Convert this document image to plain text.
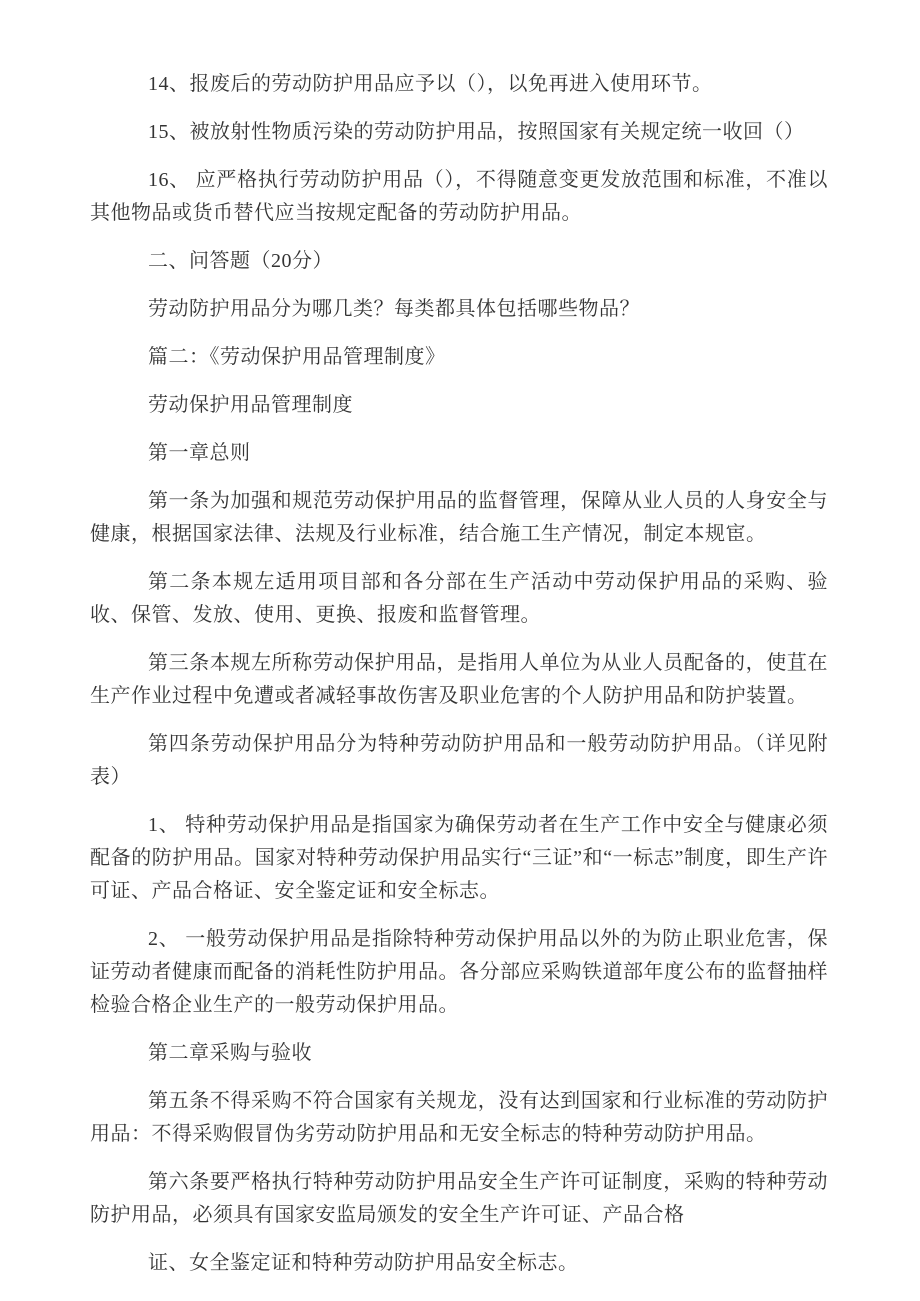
14、报废后的劳动防护用品应予以（），以免再进入使用环节。

15、被放射性物质污染的劳动防护用品，按照国家有关规定统一收回（）

16、 应严格执行劳动防护用品（），不得随意变更发放范围和标准，不准以其他物品或货币替代应当按规定配备的劳动防护用品。

二、问答题（20分）

劳动防护用品分为哪几类？每类都具体包括哪些物品？

篇二：《劳动保护用品管理制度》

劳动保护用品管理制度

第一章总则

第一条为加强和规范劳动保护用品的监督管理，保障从业人员的人身安全与健康，根据国家法律、法规及行业标准，结合施工生产情况，制定本规宦。

第二条本规左适用项目部和各分部在生产活动中劳动保护用品的采购、验收、保管、发放、使用、更换、报废和监督管理。

第三条本规左所称劳动保护用品，是指用人单位为从业人员配备的，使苴在生产作业过程中免遭或者减轻事故伤害及职业危害的个人防护用品和防护装置。

第四条劳动保护用品分为特种劳动防护用品和一般劳动防护用品。（详见附表）

1、 特种劳动保护用品是指国家为确保劳动者在生产工作中安全与健康必须配备的防护用品。国家对特种劳动保护用品实行“三证”和“一标志”制度，即生产许可证、产品合格证、安全鉴定证和安全标志。

2、 一般劳动保护用品是指除特种劳动保护用品以外的为防止职业危害，保证劳动者健康而配备的消耗性防护用品。各分部应采购铁道部年度公布的监督抽样检验合格企业生产的一般劳动保护用品。

第二章采购与验收

第五条不得采购不符合国家有关规龙，没有达到国家和行业标准的劳动防护用品：不得采购假冒伪劣劳动防护用品和无安全标志的特种劳动防护用品。

第六条要严格执行特种劳动防护用品安全生产许可证制度，采购的特种劳动防护用品，必须具有国家安监局颁发的安全生产许可证、产品合格

证、女全鉴定证和特种劳动防护用品安全标志。
